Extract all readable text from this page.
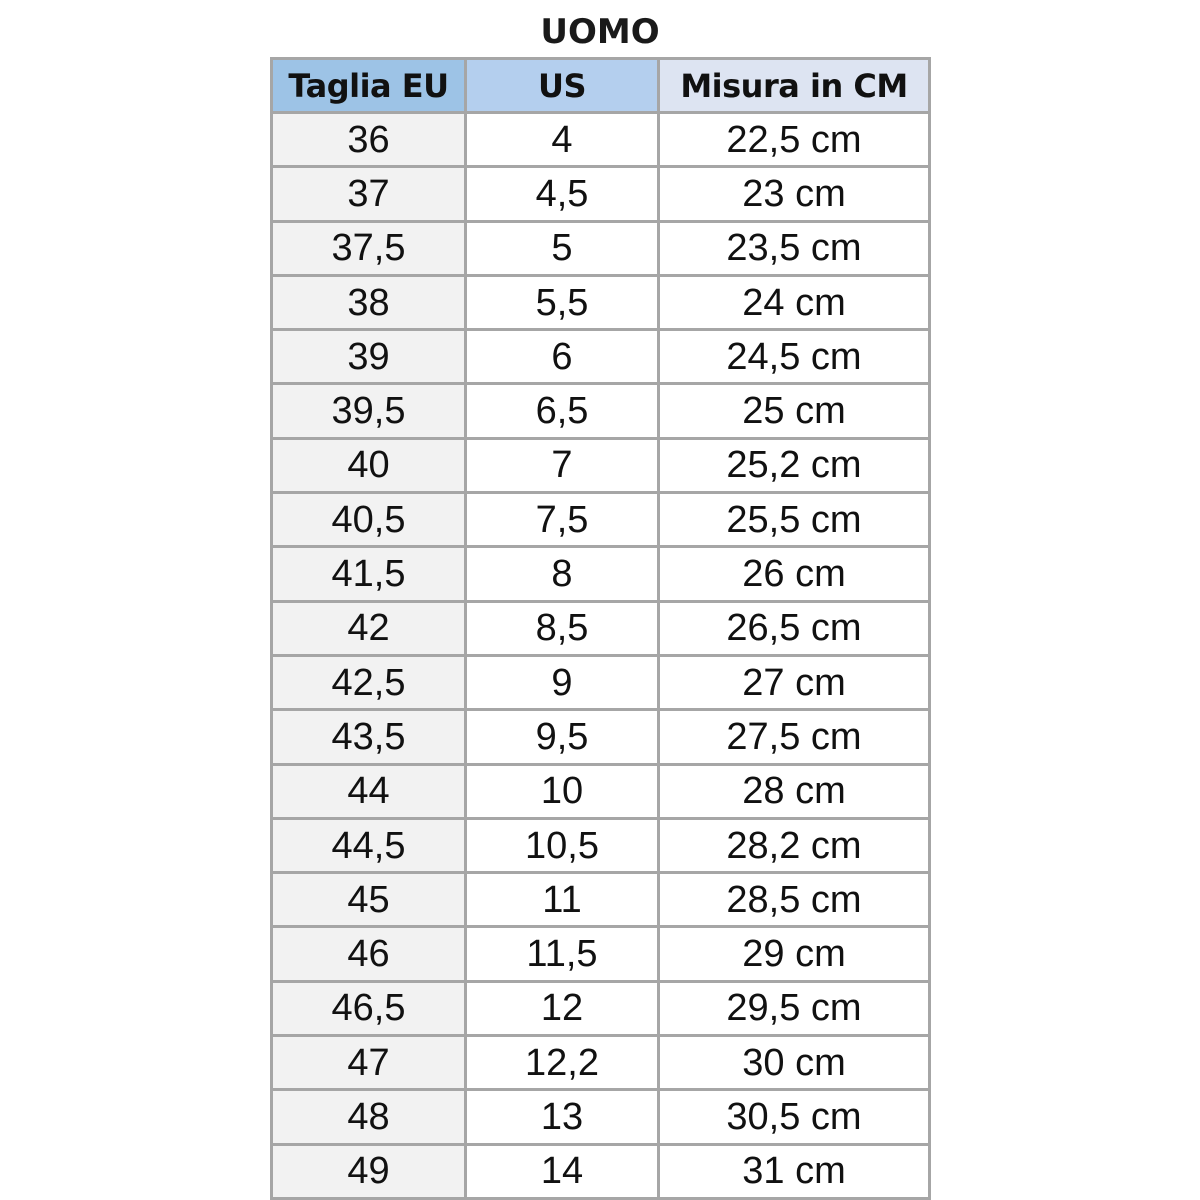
UOMO
Taglia EU	US	Misura in CM
36	4	22,5 cm
37	4,5	23 cm
37,5	5	23,5 cm
38	5,5	24 cm
39	6	24,5 cm
39,5	6,5	25 cm
40	7	25,2 cm
40,5	7,5	25,5 cm
41,5	8	26 cm
42	8,5	26,5 cm
42,5	9	27 cm
43,5	9,5	27,5 cm
44	10	28 cm
44,5	10,5	28,2 cm
45	11	28,5 cm
46	11,5	29 cm
46,5	12	29,5 cm
47	12,2	30 cm
48	13	30,5 cm
49	14	31 cm
